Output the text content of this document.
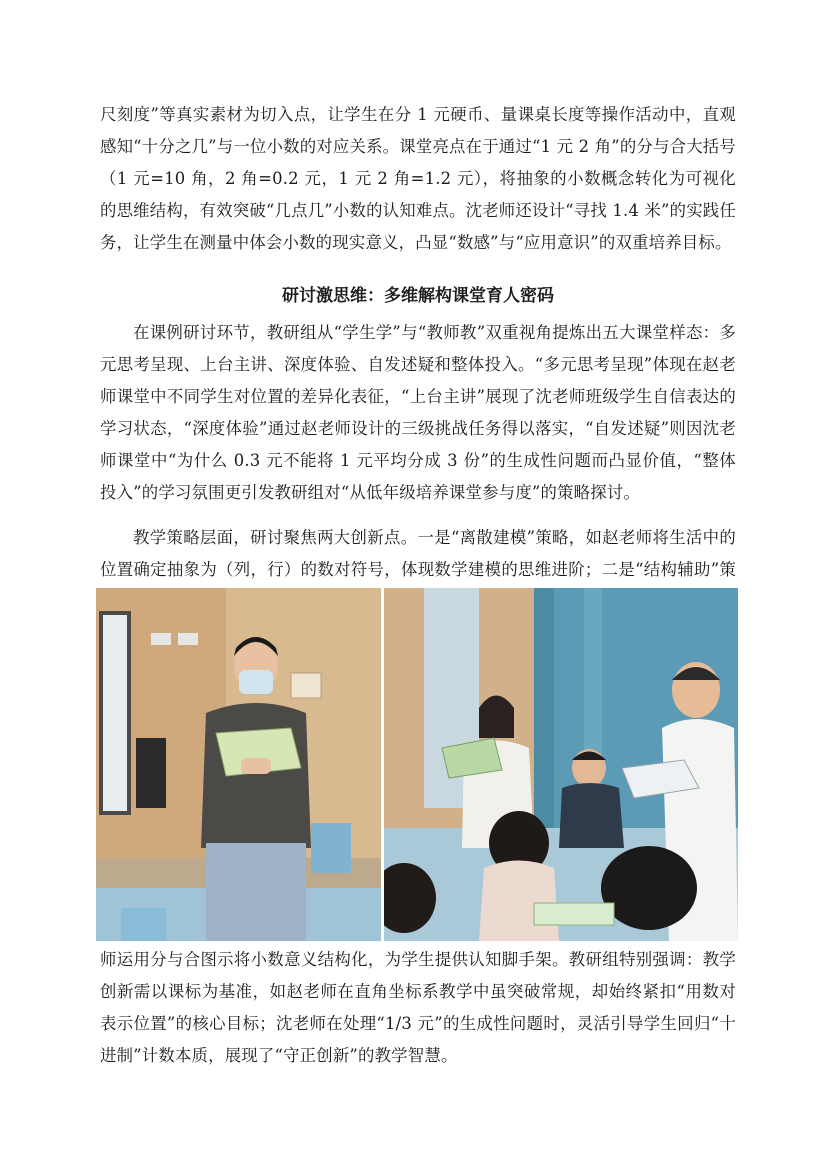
尺刻度”等真实素材为切入点，让学生在分 1 元硬币、量课桌长度等操作活动中，直观感知“十分之几”与一位小数的对应关系。课堂亮点在于通过“1 元 2 角”的分与合大括号（1 元=10 角，2 角=0.2 元，1 元 2 角=1.2 元），将抽象的小数概念转化为可视化的思维结构，有效突破“几点几”小数的认知难点。沈老师还设计“寻找 1.4 米”的实践任务，让学生在测量中体会小数的现实意义，凸显“数感”与“应用意识”的双重培养目标。

研讨激思维：多维解构课堂育人密码

在课例研讨环节，教研组从“学生学”与“教师教”双重视角提炼出五大课堂样态：多元思考呈现、上台主讲、深度体验、自发述疑和整体投入。“多元思考呈现”体现在赵老师课堂中不同学生对位置的差异化表征，“上台主讲”展现了沈老师班级学生自信表达的学习状态，“深度体验”通过赵老师设计的三级挑战任务得以落实，“自发述疑”则因沈老师课堂中“为什么 0.3 元不能将 1 元平均分成 3 份”的生成性问题而凸显价值，“整体投入”的学习氛围更引发教研组对“从低年级培养课堂参与度”的策略探讨。

教学策略层面，研讨聚焦两大创新点。一是“离散建模”策略，如赵老师将生活中的位置确定抽象为（列，行）的数对符号，体现数学建模的思维进阶；二是“结构辅助”策

师运用分与合图示将小数意义结构化，为学生提供认知脚手架。教研组特别强调：教学创新需以课标为基准，如赵老师在直角坐标系教学中虽突破常规，却始终紧扣“用数对表示位置”的核心目标；沈老师在处理“1/3 元”的生成性问题时，灵活引导学生回归“十进制”计数本质，展现了“守正创新”的教学智慧。
